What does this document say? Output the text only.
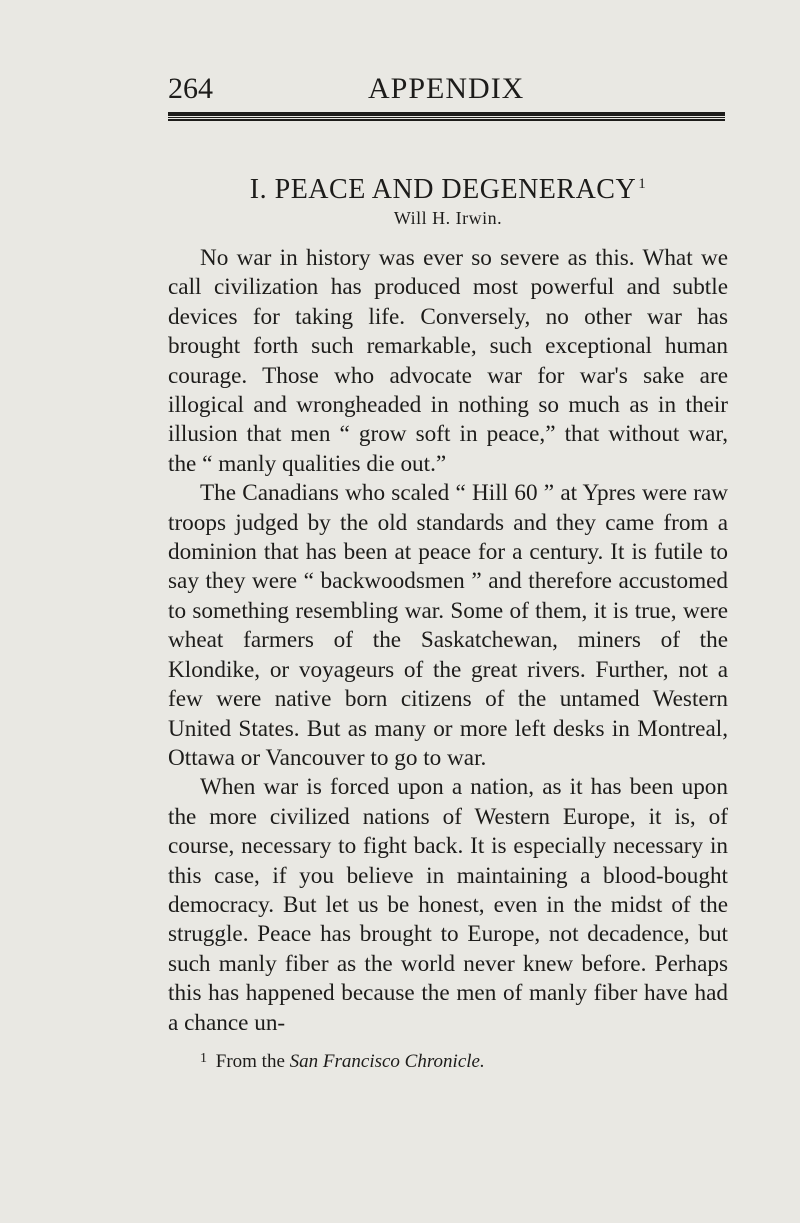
264	APPENDIX
I. PEACE AND DEGENERACY $^1$
Will H. Irwin.

No war in history was ever so severe as this. What we call civilization has produced most powerful and subtle devices for taking life. Conversely, no other war has brought forth such remarkable, such exceptional human courage. Those who advocate war for war's sake are illogical and wrongheaded in nothing so much as in their illusion that men “ grow soft in peace,” that without war, the “ manly qualities die out.”

The Canadians who scaled “ Hill 60 ” at Ypres were raw troops judged by the old standards and they came from a dominion that has been at peace for a century. It is futile to say they were “ backwoodsmen ” and therefore accustomed to something resembling war. Some of them, it is true, were wheat farmers of the Saskatchewan, miners of the Klondike, or voyageurs of the great rivers. Further, not a few were native born citizens of the untamed Western United States. But as many or more left desks in Montreal, Ottawa or Vancouver to go to war.

When war is forced upon a nation, as it has been upon the more civilized nations of Western Europe, it is, of course, necessary to fight back. It is especially necessary in this case, if you believe in maintaining a blood-bought democracy. But let us be honest, even in the midst of the struggle. Peace has brought to Europe, not decadence, but such manly fiber as the world never knew before. Perhaps this has happened because the men of manly fiber have had a chance un-

$^1$ From the San Francisco Chronicle.
